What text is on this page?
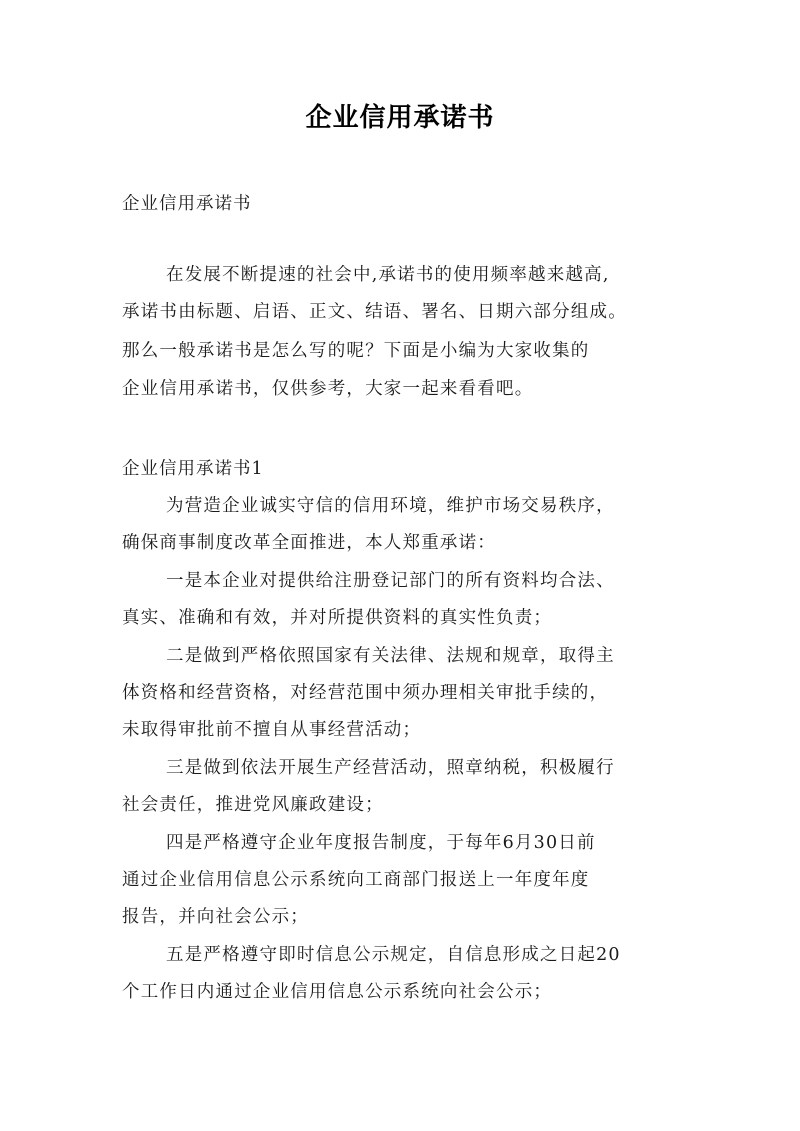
企业信用承诺书
企业信用承诺书
在发展不断提速的社会中,承诺书的使用频率越来越高,
承诺书由标题、启语、正文、结语、署名、日期六部分组成。
那么一般承诺书是怎么写的呢？下面是小编为大家收集的
企业信用承诺书，仅供参考，大家一起来看看吧。
企业信用承诺书1
为营造企业诚实守信的信用环境，维护市场交易秩序，
确保商事制度改革全面推进，本人郑重承诺：
一是本企业对提供给注册登记部门的所有资料均合法、
真实、准确和有效，并对所提供资料的真实性负责；
二是做到严格依照国家有关法律、法规和规章，取得主
体资格和经营资格，对经营范围中须办理相关审批手续的，
未取得审批前不擅自从事经营活动；
三是做到依法开展生产经营活动，照章纳税，积极履行
社会责任，推进党风廉政建设；
四是严格遵守企业年度报告制度，于每年6月30日前
通过企业信用信息公示系统向工商部门报送上一年度年度
报告，并向社会公示；
五是严格遵守即时信息公示规定，自信息形成之日起20
个工作日内通过企业信用信息公示系统向社会公示；
